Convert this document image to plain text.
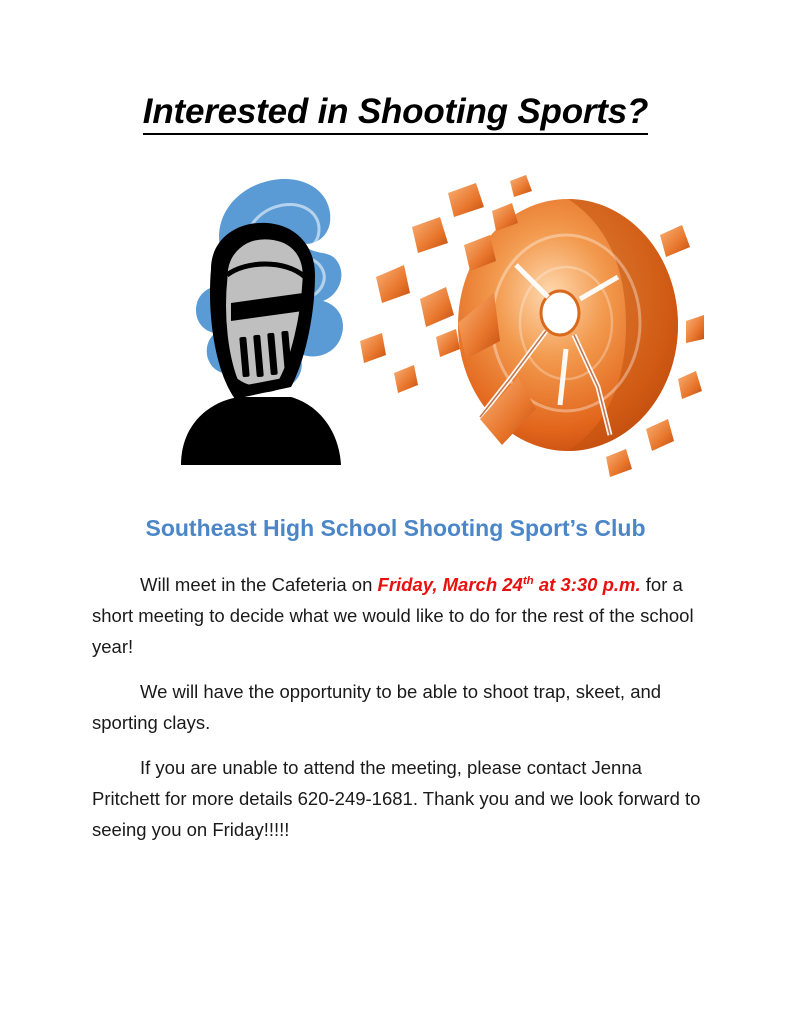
Interested in Shooting Sports?
Southeast High School Shooting Sport’s Club

Will meet in the Cafeteria on Friday, March 24th at 3:30 p.m. for a short meeting to decide what we would like to do for the rest of the school year!

We will have the opportunity to be able to shoot trap, skeet, and sporting clays.

If you are unable to attend the meeting, please contact Jenna Pritchett for more details 620-249-1681. Thank you and we look forward to seeing you on Friday!!!!!
